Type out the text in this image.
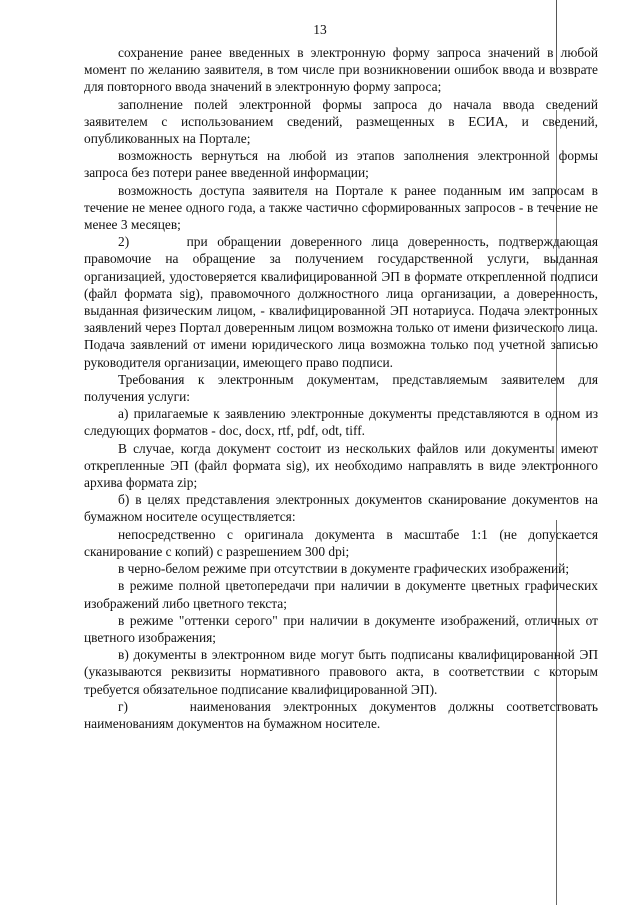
13

сохранение ранее введенных в электронную форму запроса значений в любой момент по желанию заявителя, в том числе при возникновении ошибок ввода и возврате для повторного ввода значений в электронную форму запроса;

заполнение полей электронной формы запроса до начала ввода сведений заявителем с использованием сведений, размещенных в ЕСИА, и сведений, опубликованных на Портале;

возможность вернуться на любой из этапов заполнения электронной формы запроса без потери ранее введенной информации;

возможность доступа заявителя на Портале к ранее поданным им запросам в течение не менее одного года, а также частично сформированных запросов - в течение не менее 3 месяцев;

2)      при обращении доверенного лица доверенность, подтверждающая правомочие на обращение за получением государственной услуги, выданная организацией, удостоверяется квалифицированной ЭП в формате открепленной подписи (файл формата sig), правомочного должностного лица организации, а доверенность, выданная физическим лицом, - квалифицированной ЭП нотариуса. Подача электронных заявлений через Портал доверенным лицом возможна только от имени физического лица. Подача заявлений от имени юридического лица возможна только под учетной записью руководителя организации, имеющего право подписи.

Требования к электронным документам, представляемым заявителем для получения услуги:

а) прилагаемые к заявлению электронные документы представляются в одном из следующих форматов - doc, docx, rtf, pdf, odt, tiff.

В случае, когда документ состоит из нескольких файлов или документы имеют открепленные ЭП (файл формата sig), их необходимо направлять в виде электронного архива формата zip;

б) в целях представления электронных документов сканирование документов на бумажном носителе осуществляется:

непосредственно с оригинала документа в масштабе 1:1 (не допускается сканирование с копий) с разрешением 300 dpi;

в черно-белом режиме при отсутствии в документе графических изображений;

в режиме полной цветопередачи при наличии в документе цветных графических изображений либо цветного текста;

в режиме "оттенки серого" при наличии в документе изображений, отличных от цветного изображения;

в) документы в электронном виде могут быть подписаны квалифицированной ЭП (указываются реквизиты нормативного правового акта, в соответствии с которым требуется обязательное подписание квалифицированной ЭП).

г)     наименования электронных документов должны соответствовать наименованиям документов на бумажном носителе.
